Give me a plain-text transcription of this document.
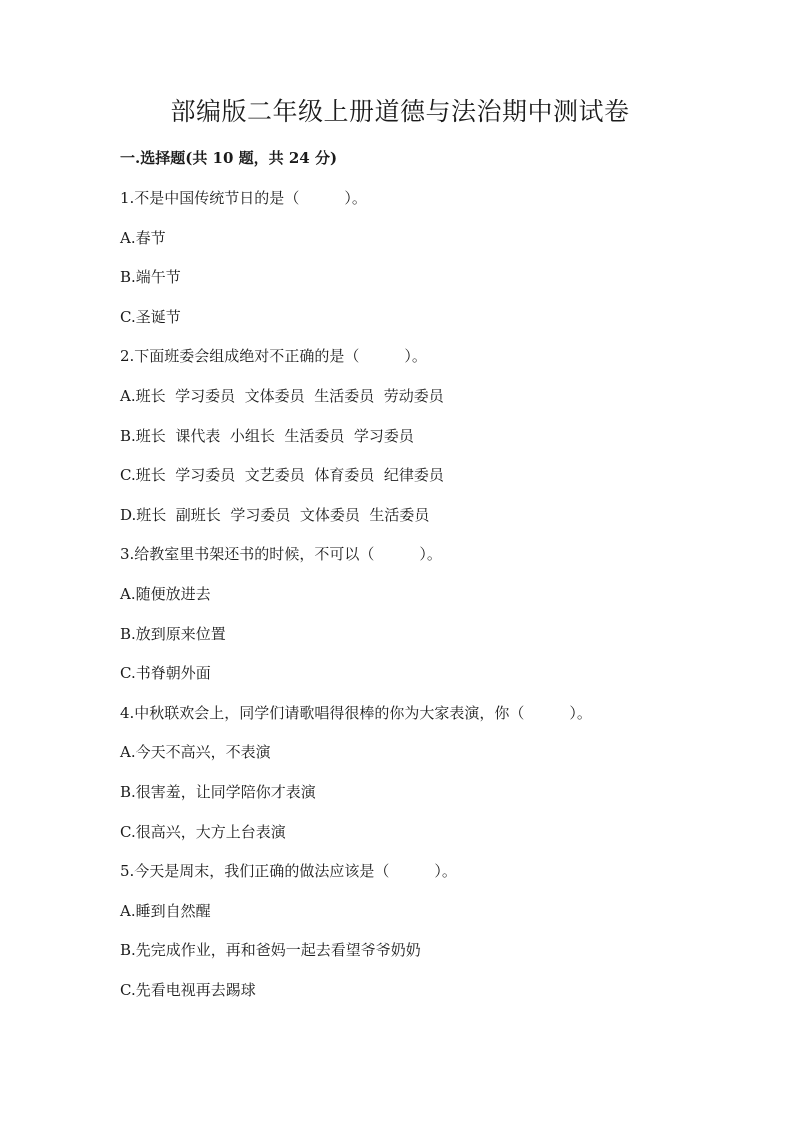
部编版二年级上册道德与法治期中测试卷
一.选择题(共 10 题，共 24 分)
1.不是中国传统节日的是（　　　）。
A.春节
B.端午节
C.圣诞节
2.下面班委会组成绝对不正确的是（　　　）。
A.班长  学习委员  文体委员  生活委员  劳动委员
B.班长  课代表  小组长  生活委员  学习委员
C.班长  学习委员  文艺委员  体育委员  纪律委员
D.班长  副班长  学习委员  文体委员  生活委员
3.给教室里书架还书的时候，不可以（　　　）。
A.随便放进去
B.放到原来位置
C.书脊朝外面
4.中秋联欢会上，同学们请歌唱得很棒的你为大家表演，你（　　　）。
A.今天不高兴，不表演
B.很害羞，让同学陪你才表演
C.很高兴，大方上台表演
5.今天是周末，我们正确的做法应该是（　　　）。
A.睡到自然醒
B.先完成作业，再和爸妈一起去看望爷爷奶奶
C.先看电视再去踢球
